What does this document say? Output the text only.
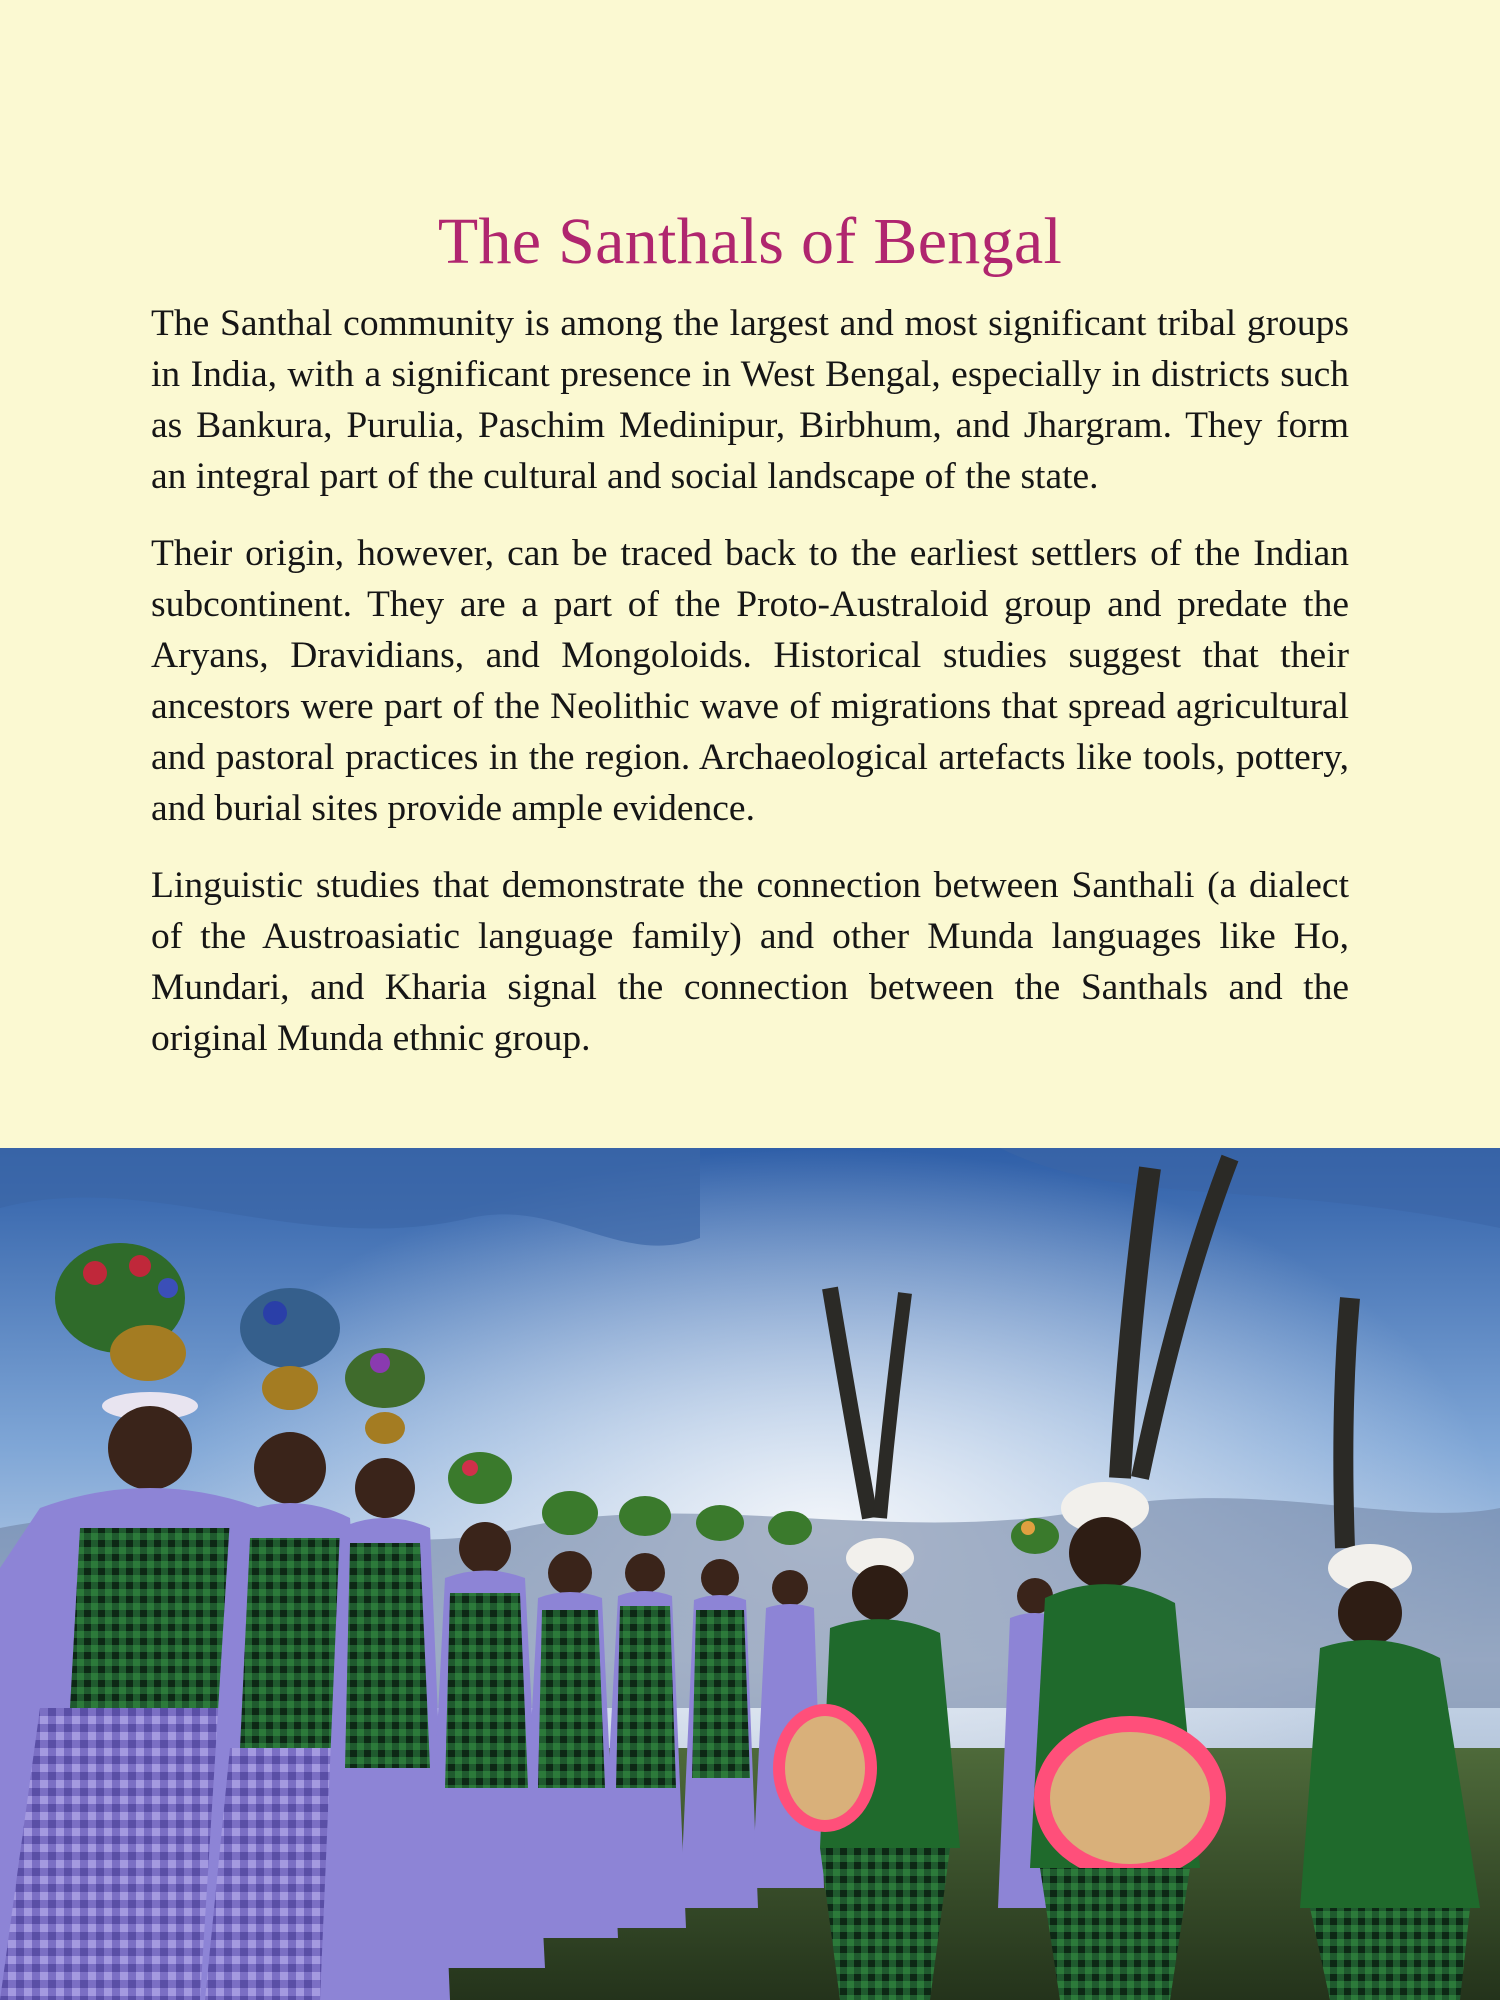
The Santhals of Bengal

The Santhal community is among the largest and most significant tribal groups in India, with a significant presence in West Bengal, especially in districts such as Bankura, Purulia, Paschim Medinipur, Birbhum, and Jhargram. They form an integral part of the cultural and social landscape of the state.

Their origin, however, can be traced back to the earliest settlers of the Indian subcontinent. They are a part of the Proto-Australoid group and predate the Aryans, Dravidians, and Mongoloids. Historical studies suggest that their ancestors were part of the Neolithic wave of migrations that spread agricultural and pastoral practices in the region. Archaeological artefacts like tools, pottery, and burial sites provide ample evidence.

Linguistic studies that demonstrate the connection between Santhali (a dialect of the Austroasiatic language family) and other Munda languages like Ho, Mundari, and Kharia signal the connection between the Santhals and the original Munda ethnic group.
